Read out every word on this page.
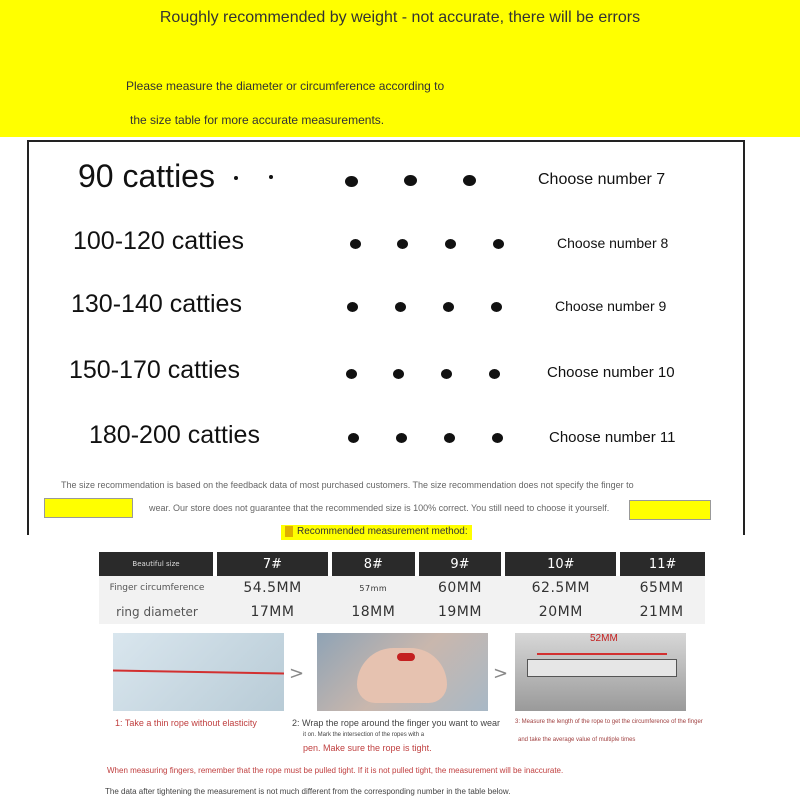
Roughly recommended by weight - not accurate, there will be errors
Please measure the diameter or circumference according to
the size table for more accurate measurements.
90 catties	Choose number 7
100-120 catties	Choose number 8
130-140 catties	Choose number 9
150-170 catties	Choose number 10
180-200 catties	Choose number 11
The size recommendation is based on the feedback data of most purchased customers. The size recommendation does not specify the finger to
wear. Our store does not guarantee that the recommended size is 100% correct. You still need to choose it yourself.
Recommended measurement method:
Beautiful size	7#	8#	9#	10#	11#
Finger circumference	54.5MM	57mm	60MM	62.5MM	65MM
ring diameter	17MM	18MM	19MM	20MM	21MM
>	>
52MM
1: Take a thin rope without elasticity	2: Wrap the rope around the finger you want to wear
it on. Mark the intersection of the ropes with a
pen. Make sure the rope is tight.
3: Measure the length of the rope to get the circumference of the finger
and take the average value of multiple times
When measuring fingers, remember that the rope must be pulled tight. If it is not pulled tight, the measurement will be inaccurate.
The data after tightening the measurement is not much different from the corresponding number in the table below.
